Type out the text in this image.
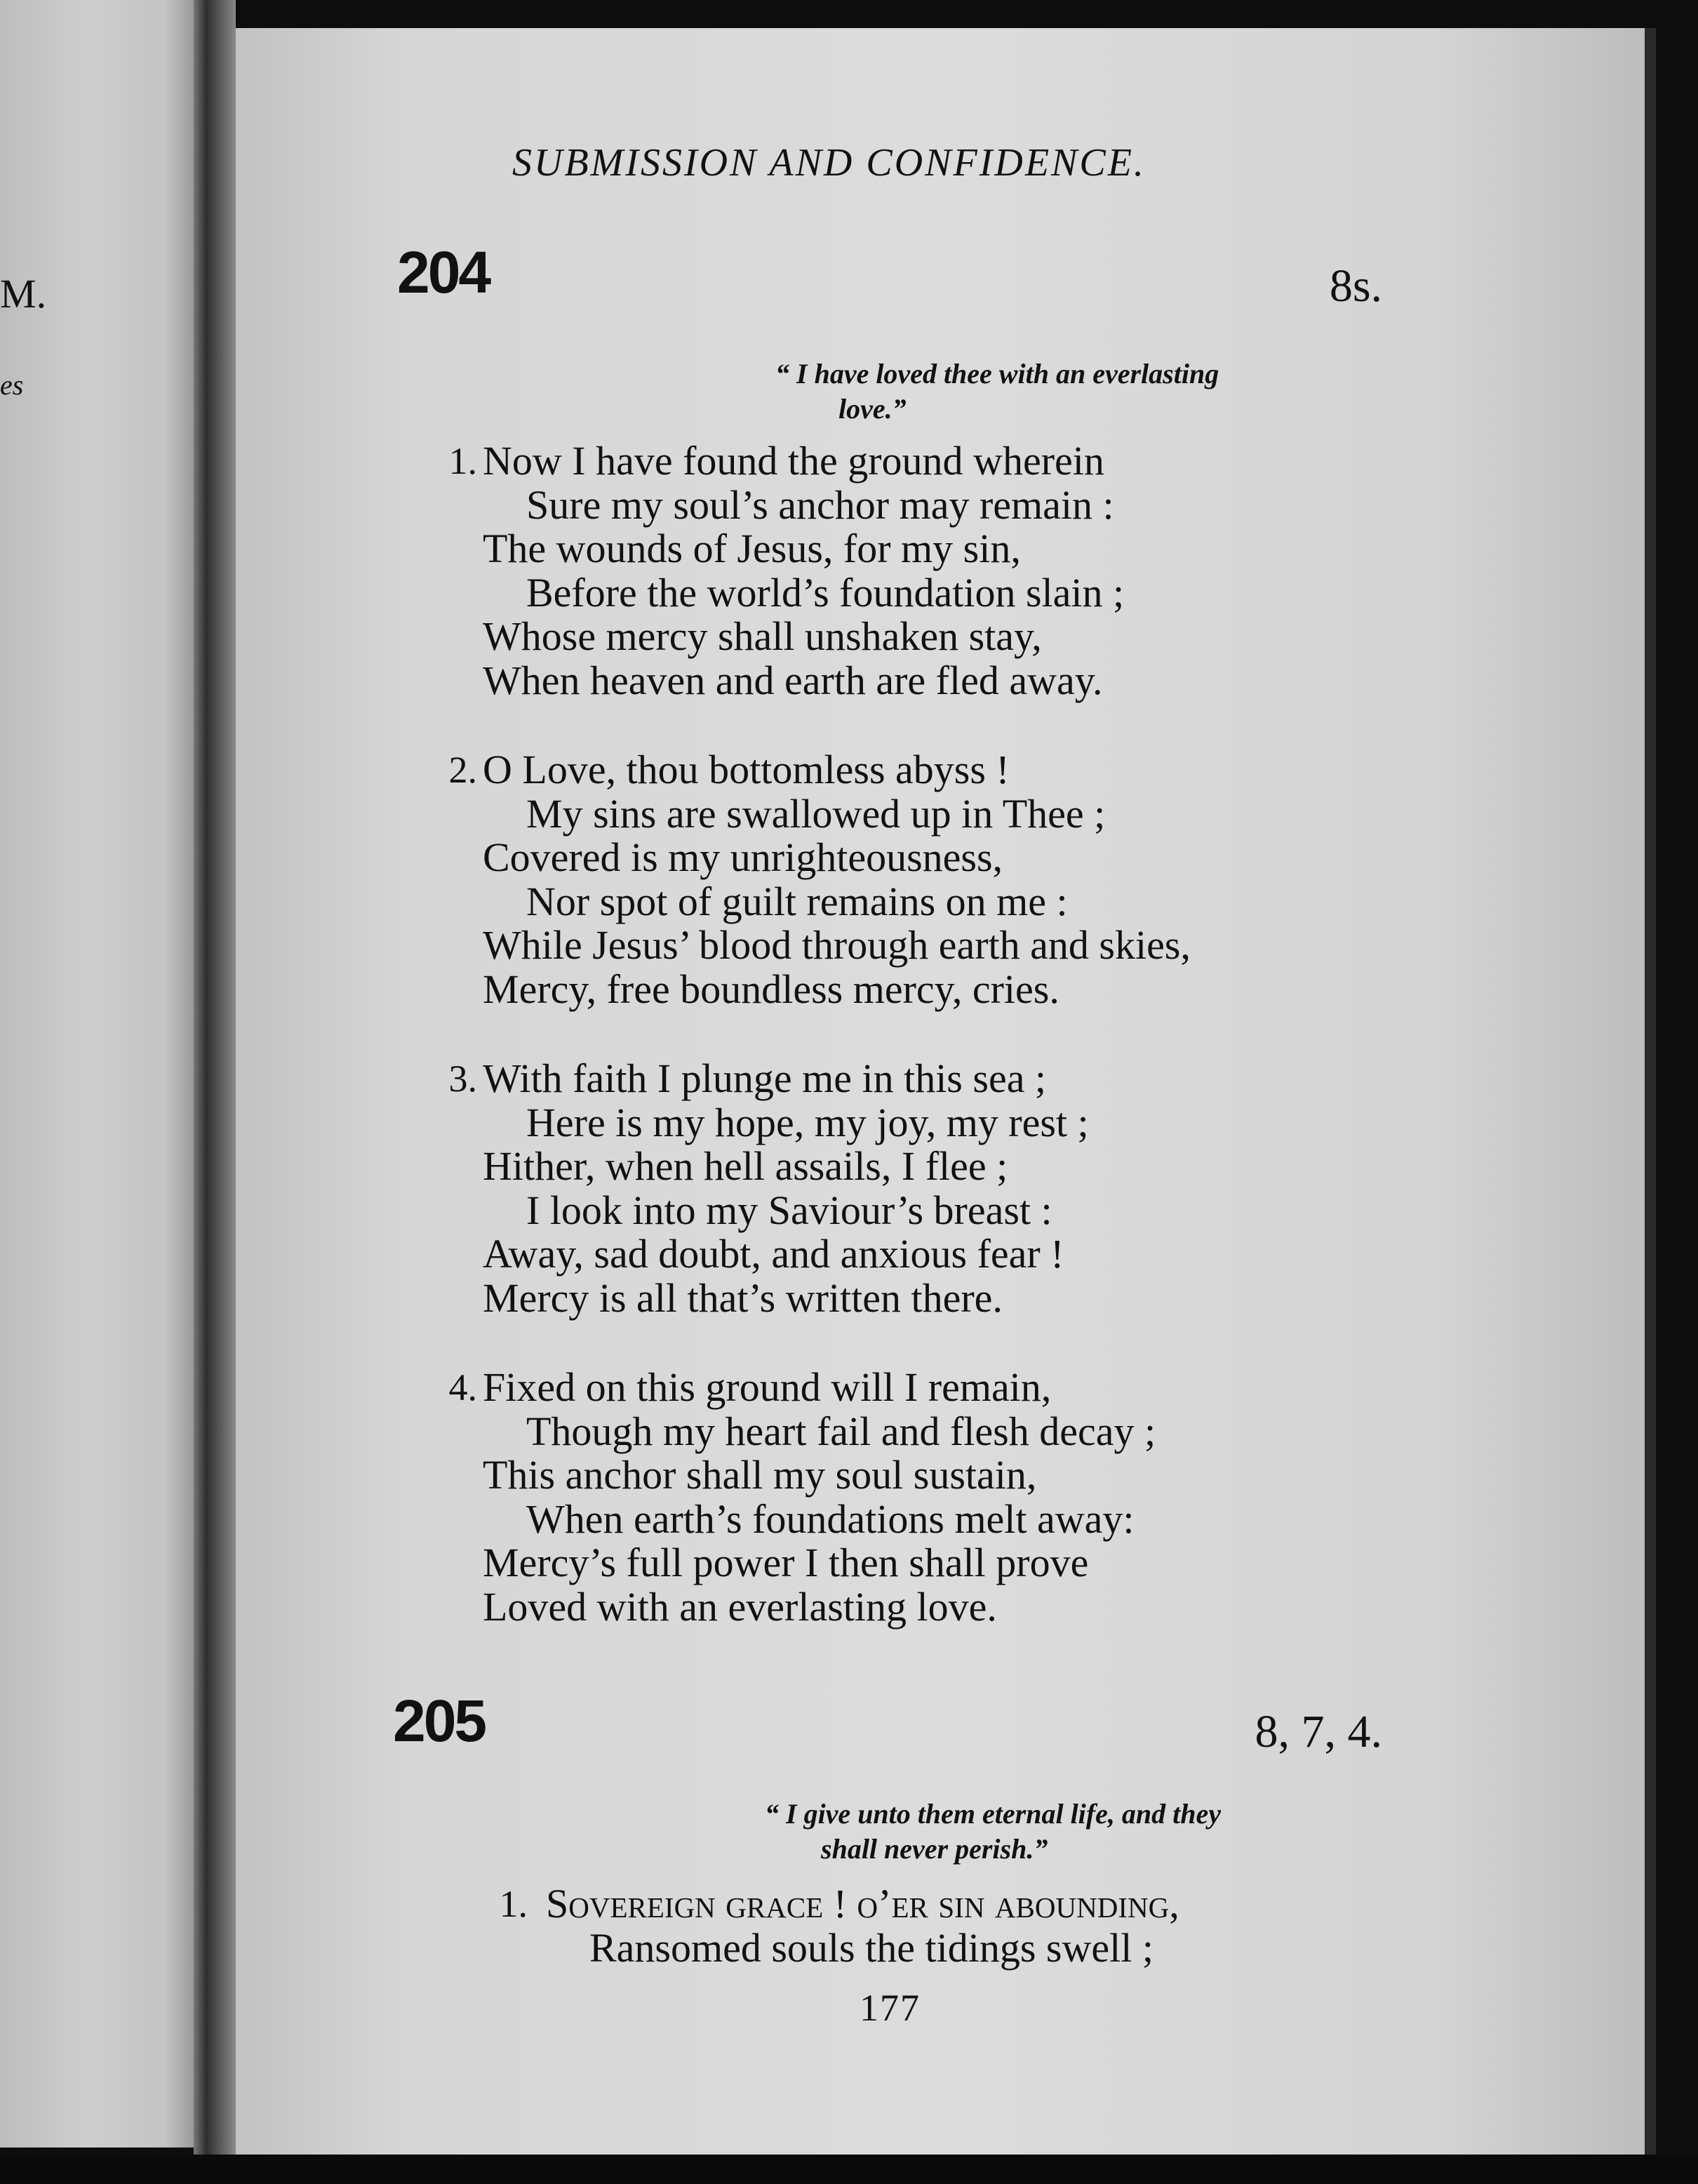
M.
es
SUBMISSION AND CONFIDENCE.
204	8s.
“ I have loved thee with an everlasting
love.”
1. Now I have found the ground wherein
Sure my soul’s anchor may remain :
The wounds of Jesus, for my sin,
Before the world’s foundation slain ;
Whose mercy shall unshaken stay,
When heaven and earth are fled away.
2. O Love, thou bottomless abyss !
My sins are swallowed up in Thee ;
Covered is my unrighteousness,
Nor spot of guilt remains on me :
While Jesus’ blood through earth and skies,
Mercy, free boundless mercy, cries.
3. With faith I plunge me in this sea ;
Here is my hope, my joy, my rest ;
Hither, when hell assails, I flee ;
I look into my Saviour’s breast :
Away, sad doubt, and anxious fear !
Mercy is all that’s written there.
4. Fixed on this ground will I remain,
Though my heart fail and flesh decay ;
This anchor shall my soul sustain,
When earth’s foundations melt away:
Mercy’s full power I then shall prove
Loved with an everlasting love.
205	8, 7, 4.
“ I give unto them eternal life, and they
shall never perish.”
1. Sovereign grace ! o’er sin abounding,
Ransomed souls the tidings swell ;
177
